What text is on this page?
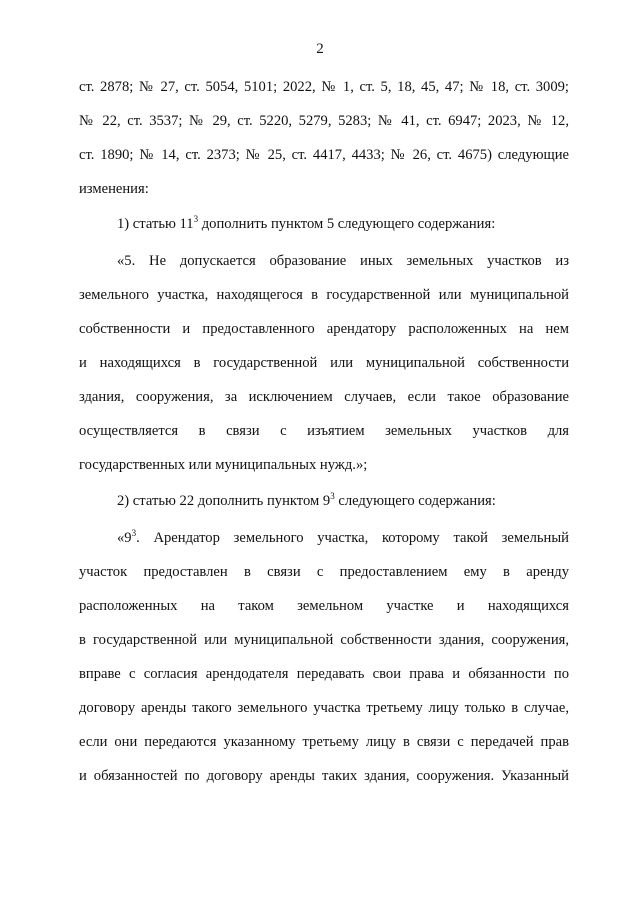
2
ст. 2878; № 27, ст. 5054, 5101; 2022, № 1, ст. 5, 18, 45, 47; № 18, ст. 3009;
№ 22, ст. 3537; № 29, ст. 5220, 5279, 5283; № 41, ст. 6947; 2023, № 12,
ст. 1890; № 14, ст. 2373; № 25, ст. 4417, 4433; № 26, ст. 4675) следующие
изменения:
1) статью $11^3$ дополнить пунктом 5 следующего содержания:
«5. Не допускается образование иных земельных участков из
земельного участка, находящегося в государственной или муниципальной
собственности и предоставленного арендатору расположенных на нем
и находящихся в государственной или муниципальной собственности
здания, сооружения, за исключением случаев, если такое образование
осуществляется в связи с изъятием земельных участков для
государственных или муниципальных нужд.»;
2) статью 22 дополнить пунктом $9^3$ следующего содержания:
«$9^3$. Арендатор земельного участка, которому такой земельный
участок предоставлен в связи с предоставлением ему в аренду
расположенных на таком земельном участке и находящихся
в государственной или муниципальной собственности здания, сооружения,
вправе с согласия арендодателя передавать свои права и обязанности по
договору аренды такого земельного участка третьему лицу только в случае,
если они передаются указанному третьему лицу в связи с передачей прав
и обязанностей по договору аренды таких здания, сооружения. Указанный
